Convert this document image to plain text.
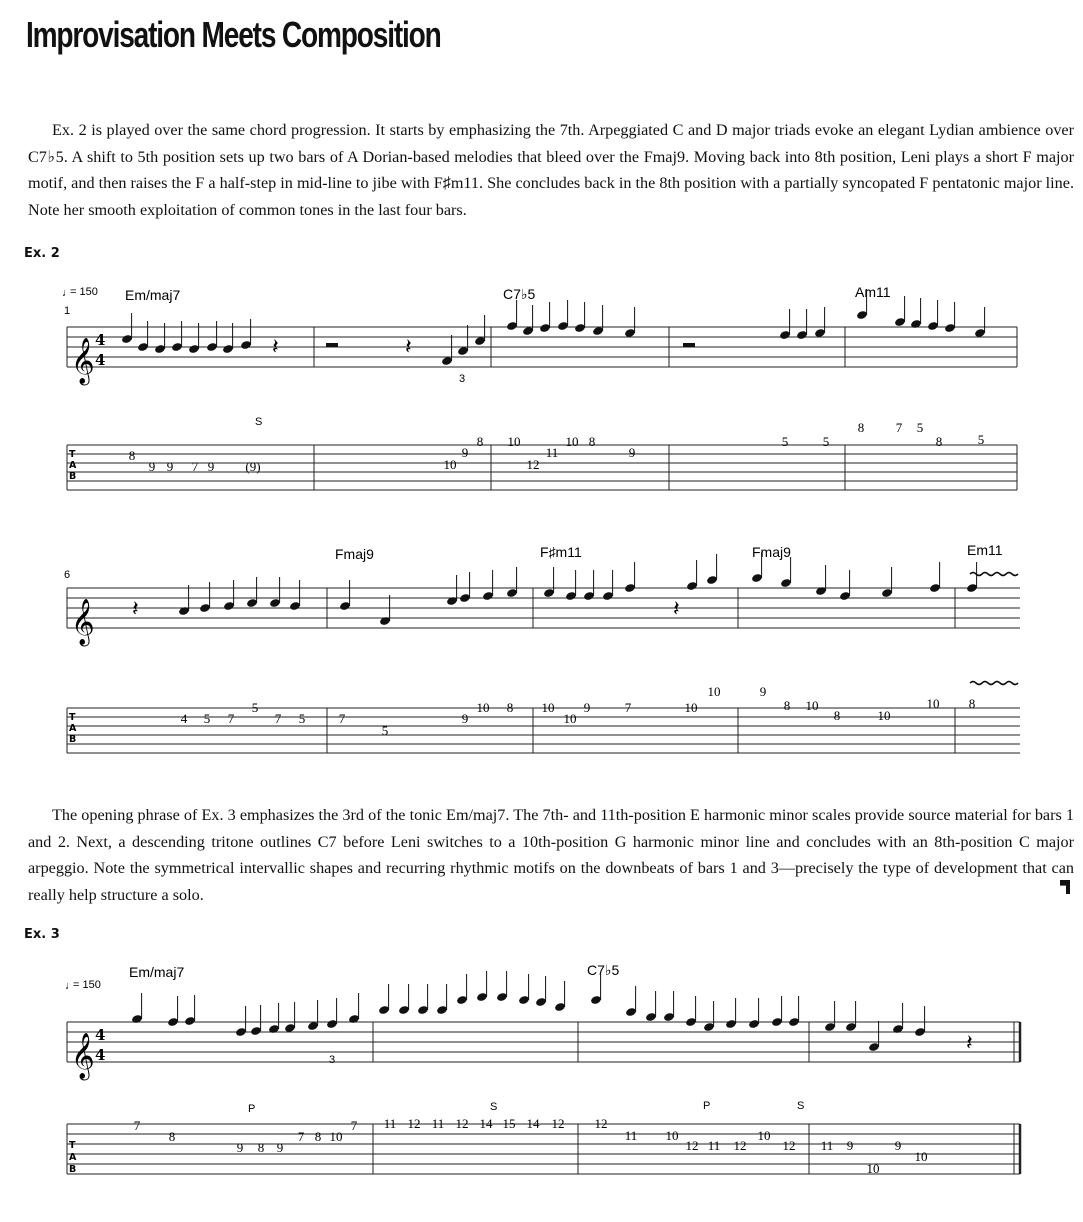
Improvisation Meets Composition

Ex. 2 is played over the same chord progression. It starts by emphasizing the 7th. Arpeggiated C and D major triads evoke an elegant Lydian ambience over C7♭5. A shift to 5th position sets up two bars of A Dorian-based melodies that bleed over the Fmaj9. Moving back into 8th position, Leni plays a short F major motif, and then raises the F a half-step in mid-line to jibe with F♯m11. She concludes back in the 8th position with a partially syncopated F pentatonic major line. Note her smooth exploitation of common tones in the last four bars.

Ex. 2

The opening phrase of Ex. 3 emphasizes the 3rd of the tonic Em/maj7. The 7th- and 11th-position E harmonic minor scales provide source material for bars 1 and 2. Next, a descending tritone outlines C7 before Leni switches to a 10th-position G harmonic minor line and concludes with an 8th-position C major arpeggio. Note the symmetrical intervallic shapes and recurring rhythmic motifs on the downbeats of bars 1 and 3—precisely the type of development that can really help structure a solo.

Ex. 3
𝄞 4
4
𝄞
𝄞 4
4
T
A
B
T
A
B
T
A
B
♩
= 150
1
Em/maj7	C7♭5	Am11
S
3
6
Fmaj9	F♯m11	Fmaj9	Em11
♩
= 150
Em/maj7	C7♭5
P	S	P	S
3
𝄽	𝄽
𝄽	𝄽
𝄽
8
9 9 7 9 (9)
8
9
10
10
12
11
10 8
9
5	5
8 7 5
8	5
4 5 7
5
7 5	7
5
9
10 8 10
10
9	7	10
10	9
8 10
8	10
10 8
7
8
9 8 9
7 8 10
7 11 12 11 12 14 15 14 12 12
11 10
12 11 12
10
12 11 9
10
9
10
